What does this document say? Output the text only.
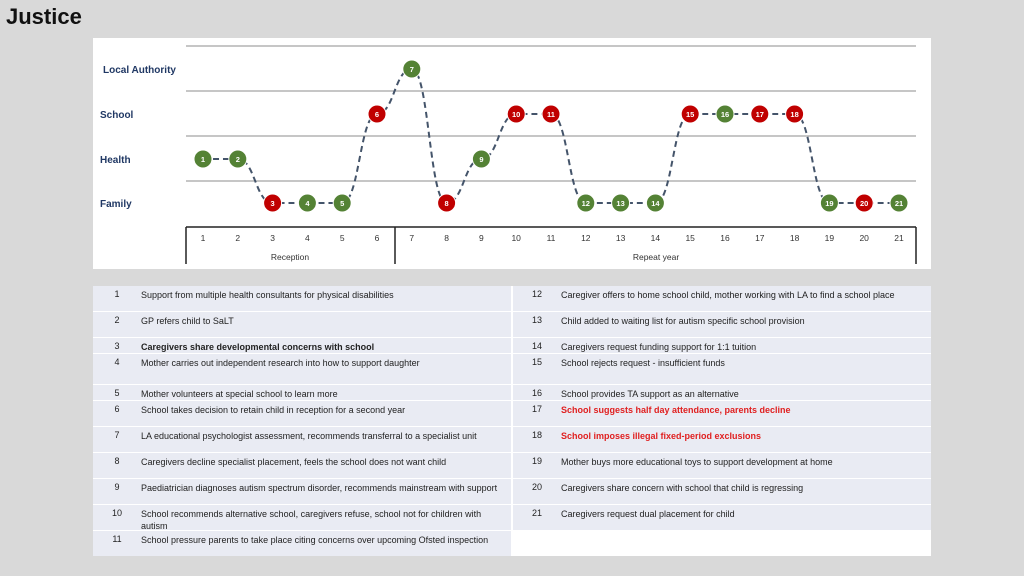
Justice
Local Authority
School
Health
Family
1	2
3	4	5
6
7
8
9
10	11
12	13	14
15	16	17	18
19	20	21
1	2	3	4	5	6	7	8	9	10	11	12	13	14	15	16	17	18	19	20	21
Reception	Repeat year
1	Support from multiple health consultants for physical disabilities
2	GP refers child to SaLT
3	Caregivers share developmental concerns with school
4	Mother carries out independent research into how to support daughter
5	Mother volunteers at special school to learn more
6	School takes decision to retain child in reception for a second year
7	LA educational psychologist assessment, recommends transferral to a specialist unit
8	Caregivers decline specialist placement, feels the school does not want child
9	Paediatrician diagnoses autism spectrum disorder, recommends mainstream with support
10	School recommends alternative school, caregivers refuse, school not for children with autism
11	School pressure parents to take place citing concerns over upcoming Ofsted inspection
12	Caregiver offers to home school child, mother working with LA to find a school place
13	Child added to waiting list for autism specific school provision
14	Caregivers request funding support for 1:1 tuition
15	School rejects request - insufficient funds
16	School provides TA support as an alternative
17	School suggests half day attendance, parents decline
18	School imposes illegal fixed-period exclusions
19	Mother buys more educational toys to support development at home
20	Caregivers share concern with school that child is regressing
21	Caregivers request dual placement for child
